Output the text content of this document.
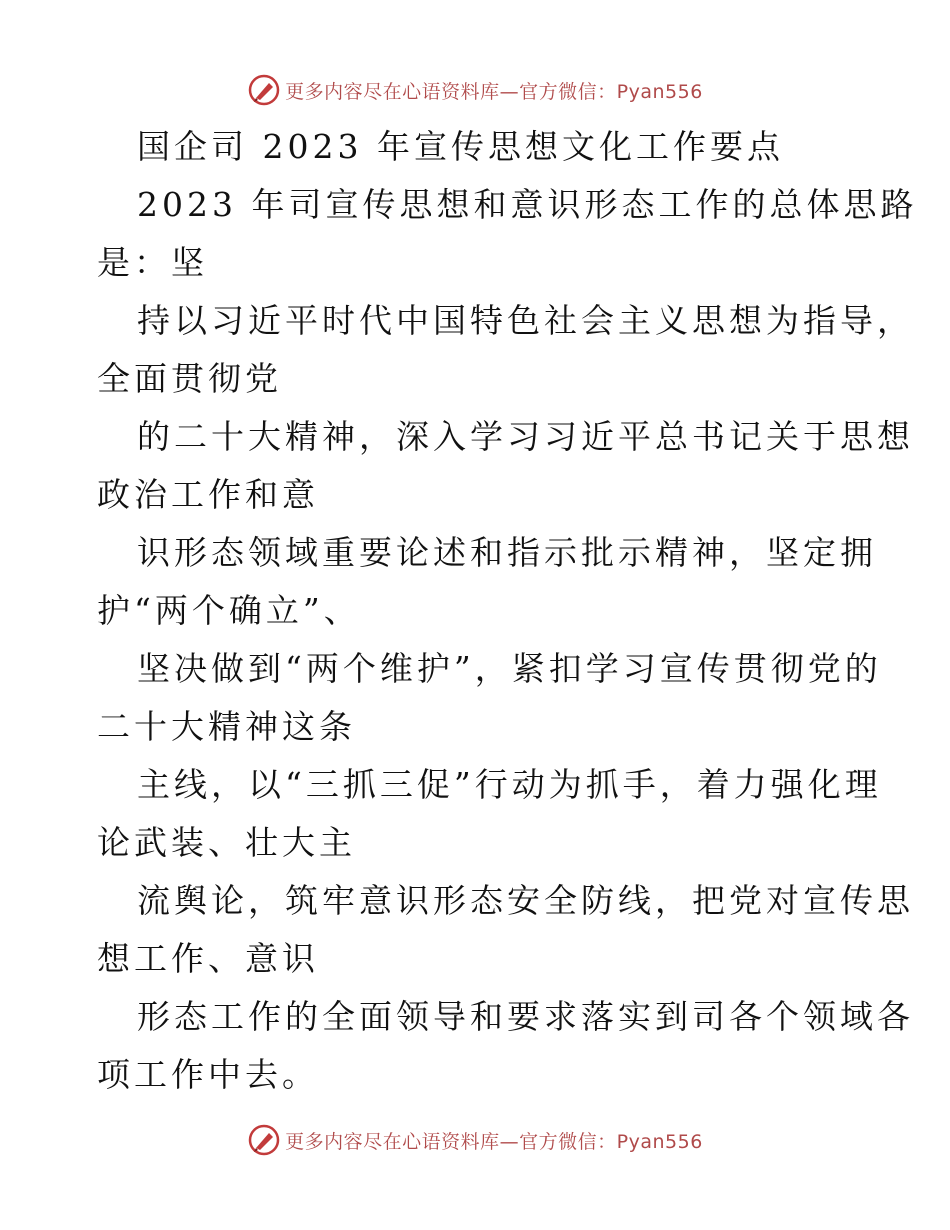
更多内容尽在心语资料库—官方微信：Pyan556
国企司 2023 年宣传思想文化工作要点
2023 年司宣传思想和意识形态工作的总体思路
是：坚
持以习近平时代中国特色社会主义思想为指导，
全面贯彻党
的二十大精神，深入学习习近平总书记关于思想
政治工作和意
识形态领域重要论述和指示批示精神，坚定拥
护“两个确立”、
坚决做到“两个维护”，紧扣学习宣传贯彻党的
二十大精神这条
主线，以“三抓三促”行动为抓手，着力强化理
论武装、壮大主
流舆论，筑牢意识形态安全防线，把党对宣传思
想工作、意识
形态工作的全面领导和要求落实到司各个领域各
项工作中去。
更多内容尽在心语资料库—官方微信：Pyan556
